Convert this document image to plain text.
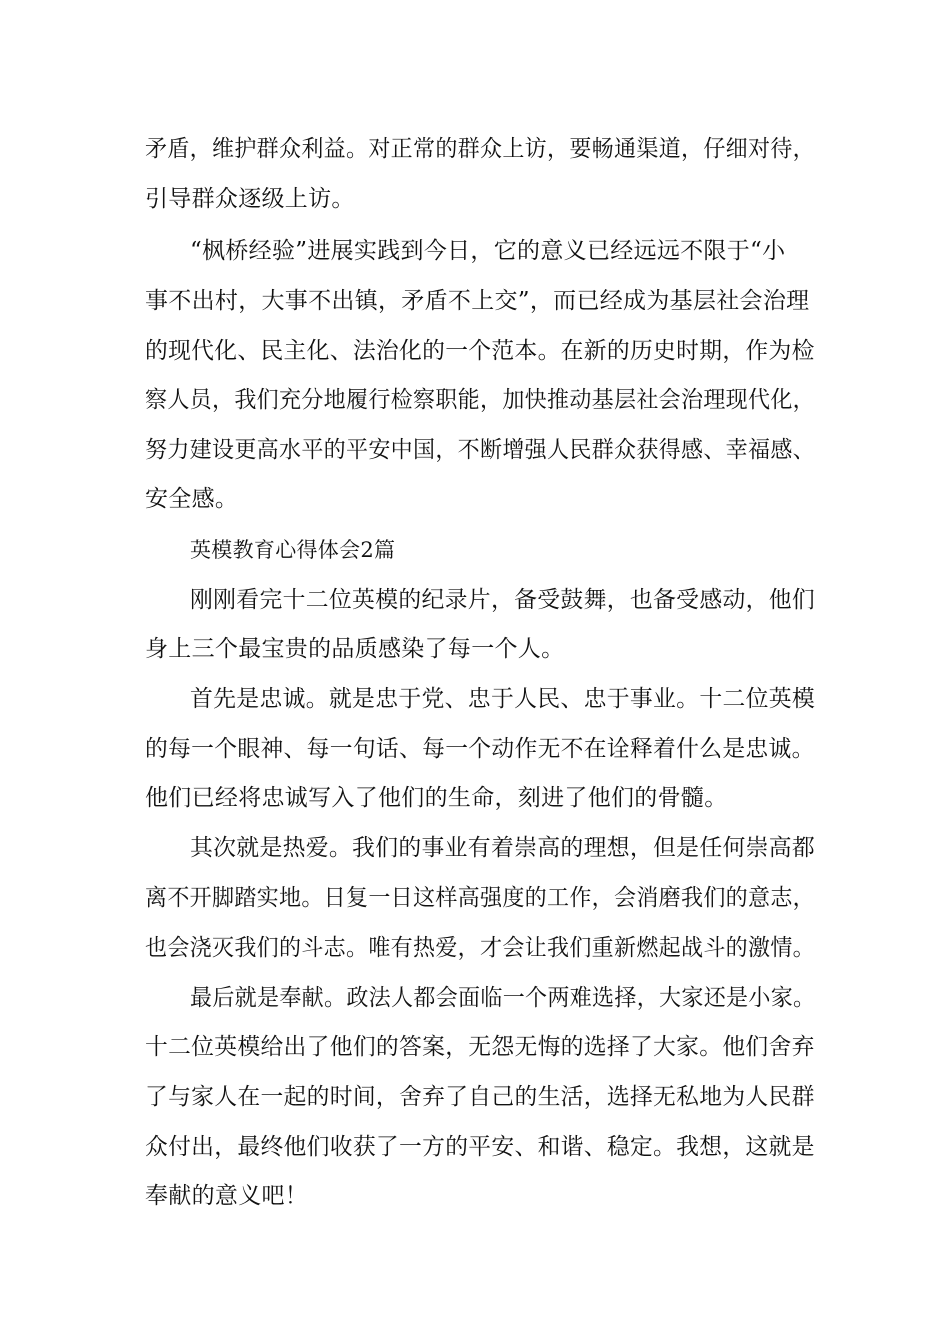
矛盾，维护群众利益。对正常的群众上访，要畅通渠道，仔细对待，
引导群众逐级上访。
“枫桥经验”进展实践到今日，它的意义已经远远不限于“小
事不出村，大事不出镇，矛盾不上交”，而已经成为基层社会治理
的现代化、民主化、法治化的一个范本。在新的历史时期，作为检
察人员，我们充分地履行检察职能，加快推动基层社会治理现代化，
努力建设更高水平的平安中国，不断增强人民群众获得感、幸福感、
安全感。
英模教育心得体会2篇
刚刚看完十二位英模的纪录片，备受鼓舞，也备受感动，他们
身上三个最宝贵的品质感染了每一个人。
首先是忠诚。就是忠于党、忠于人民、忠于事业。十二位英模
的每一个眼神、每一句话、每一个动作无不在诠释着什么是忠诚。
他们已经将忠诚写入了他们的生命，刻进了他们的骨髓。
其次就是热爱。我们的事业有着崇高的理想，但是任何崇高都
离不开脚踏实地。日复一日这样高强度的工作，会消磨我们的意志，
也会浇灭我们的斗志。唯有热爱，才会让我们重新燃起战斗的激情。
最后就是奉献。政法人都会面临一个两难选择，大家还是小家。
十二位英模给出了他们的答案，无怨无悔的选择了大家。他们舍弃
了与家人在一起的时间，舍弃了自己的生活，选择无私地为人民群
众付出，最终他们收获了一方的平安、和谐、稳定。我想，这就是
奉献的意义吧！
